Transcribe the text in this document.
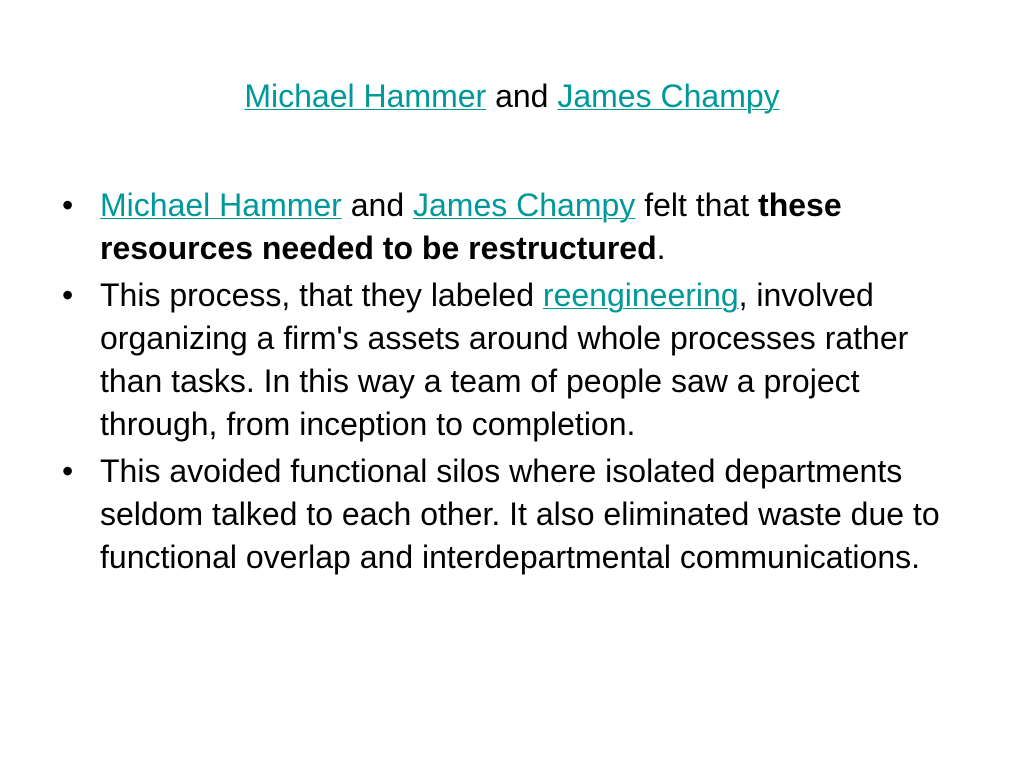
Michael Hammer and James Champy
• Michael Hammer and James Champy felt that these resources needed to be restructured.
• This process, that they labeled reengineering, involved organizing a firm's assets around whole processes rather than tasks. In this way a team of people saw a project through, from inception to completion.
• This avoided functional silos where isolated departments seldom talked to each other. It also eliminated waste due to functional overlap and interdepartmental communications.
